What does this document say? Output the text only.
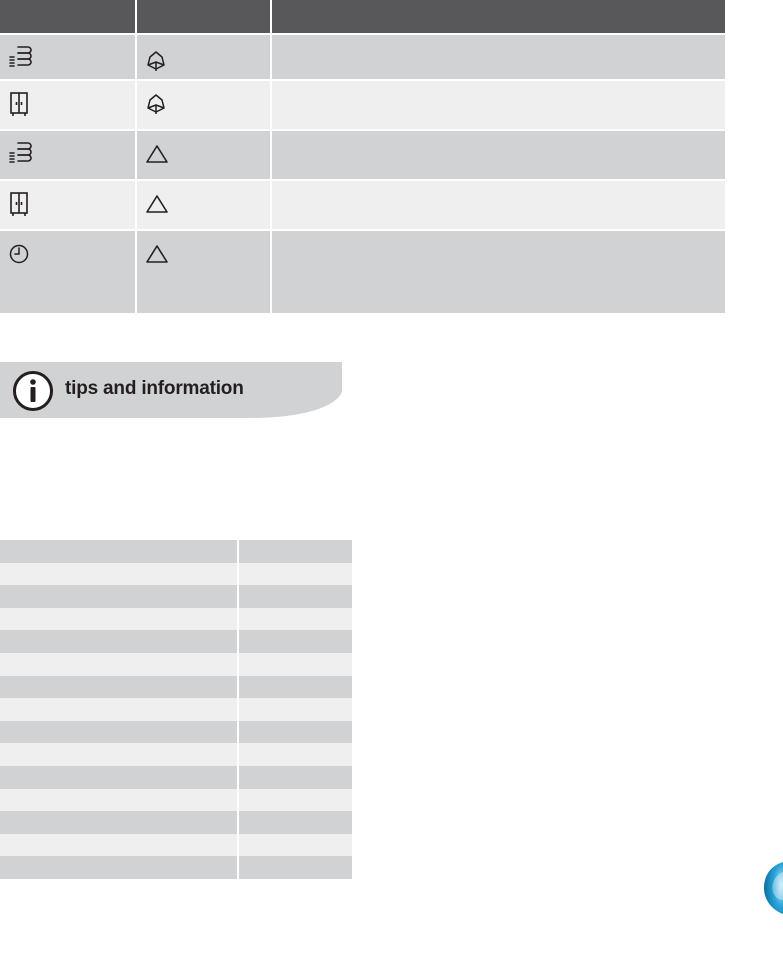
tips and information
